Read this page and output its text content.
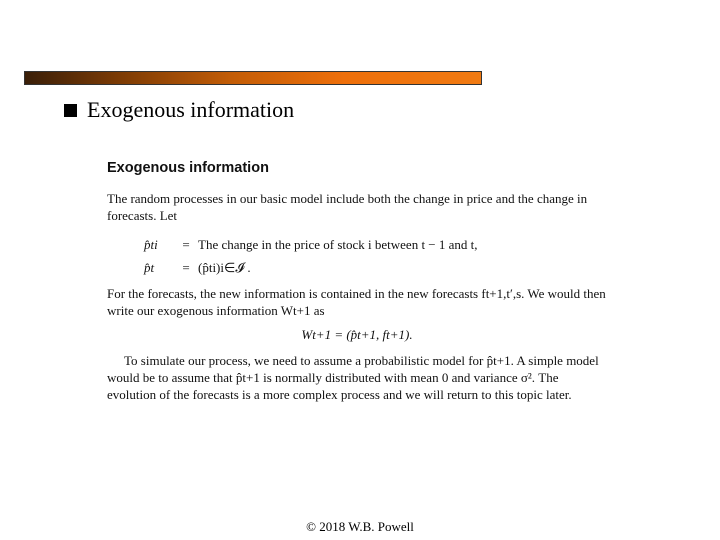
Exogenous information
Exogenous information

The random processes in our basic model include both the change in price and the change in forecasts. Let

p̂ti	= The change in the price of stock i between t − 1 and t,
p̂t	= (p̂ti)i∈𝓘 .

For the forecasts, the new information is contained in the new forecasts ft+1,t′,s. We would then write our exogenous information Wt+1 as

Wt+1 = (p̂t+1, ft+1).

To simulate our process, we need to assume a probabilistic model for p̂t+1. A simple model would be to assume that p̂t+1 is normally distributed with mean 0 and variance σ². The evolution of the forecasts is a more complex process and we will return to this topic later.

© 2018 W.B. Powell
